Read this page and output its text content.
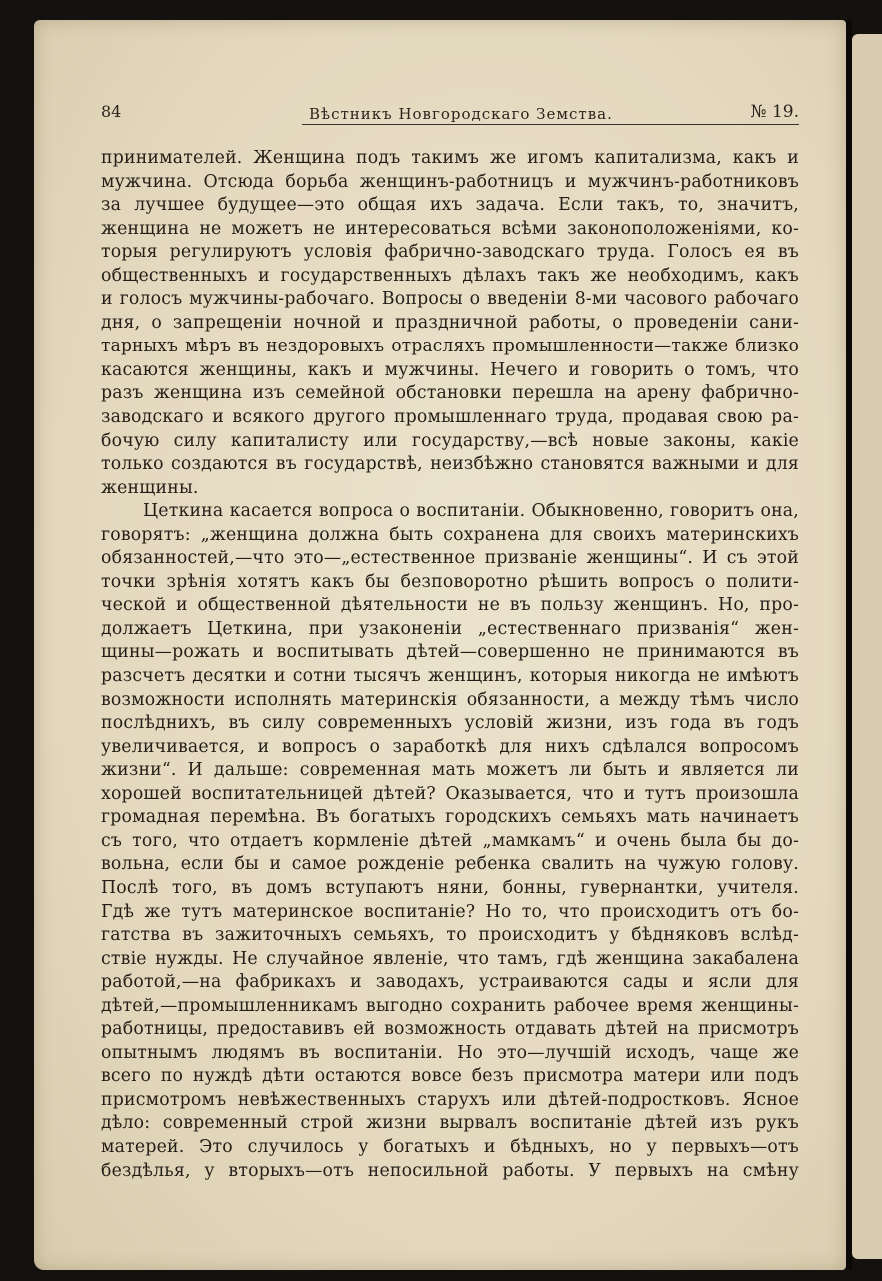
84	Вѣстникъ Новгородскаго Земства.	№ 19.
принимателей. Женщина подъ такимъ же игомъ капитализма, какъ и
мужчина. Отсюда борьба женщинъ-работницъ и мужчинъ-работниковъ
за лучшее будущее—это общая ихъ задача. Если такъ, то, значитъ,
женщина не можетъ не интересоваться всѣми законоположеніями, ко-
торыя регулируютъ условія фабрично-заводскаго труда. Голосъ ея въ
общественныхъ и государственныхъ дѣлахъ такъ же необходимъ, какъ
и голосъ мужчины-рабочаго. Вопросы о введеніи 8-ми часового рабочаго
дня, о запрещеніи ночной и праздничной работы, о проведеніи сани-
тарныхъ мѣръ въ нездоровыхъ отрасляхъ промышленности—также близко
касаются женщины, какъ и мужчины. Нечего и говорить о томъ, что
разъ женщина изъ семейной обстановки перешла на арену фабрично-
заводскаго и всякого другого промышленнаго труда, продавая свою ра-
бочую силу капиталисту или государству,—всѣ новые законы, какіе
только создаются въ государствѣ, неизбѣжно становятся важными и для
женщины.
Цеткина касается вопроса о воспитаніи. Обыкновенно, говоритъ она,
говорятъ: „женщина должна быть сохранена для своихъ материнскихъ
обязанностей,—что это—„естественное призваніе женщины“. И съ этой
точки зрѣнія хотятъ какъ бы безповоротно рѣшить вопросъ о полити-
ческой и общественной дѣятельности не въ пользу женщинъ. Но, про-
должаетъ Цеткина, при узаконеніи „естественнаго призванія“ жен-
щины—рожать и воспитывать дѣтей—совершенно не принимаются въ
разсчетъ десятки и сотни тысячъ женщинъ, которыя никогда не имѣютъ
возможности исполнять материнскія обязанности, а между тѣмъ число
послѣднихъ, въ силу современныхъ условій жизни, изъ года въ годъ
увеличивается, и вопросъ о заработкѣ для нихъ сдѣлался вопросомъ
жизни“. И дальше: современная мать можетъ ли быть и является ли
хорошей воспитательницей дѣтей? Оказывается, что и тутъ произошла
громадная перемѣна. Въ богатыхъ городскихъ семьяхъ мать начинаетъ
съ того, что отдаетъ кормленіе дѣтей „мамкамъ“ и очень была бы до-
вольна, если бы и самое рожденіе ребенка свалить на чужую голову.
Послѣ того, въ домъ вступаютъ няни, бонны, гувернантки, учителя.
Гдѣ же тутъ материнское воспитаніе? Но то, что происходитъ отъ бо-
гатства въ зажиточныхъ семьяхъ, то происходитъ у бѣдняковъ вслѣд-
ствіе нужды. Не случайное явленіе, что тамъ, гдѣ женщина закабалена
работой,—на фабрикахъ и заводахъ, устраиваются сады и ясли для
дѣтей,—промышленникамъ выгодно сохранить рабочее время женщины-
работницы, предоставивъ ей возможность отдавать дѣтей на присмотръ
опытнымъ людямъ въ воспитаніи. Но это—лучшій исходъ, чаще же
всего по нуждѣ дѣти остаются вовсе безъ присмотра матери или подъ
присмотромъ невѣжественныхъ старухъ или дѣтей-подростковъ. Ясное
дѣло: современный строй жизни вырвалъ воспитаніе дѣтей изъ рукъ
матерей. Это случилось у богатыхъ и бѣдныхъ, но у первыхъ—отъ
бездѣлья, у вторыхъ—отъ непосильной работы. У первыхъ на смѣну
